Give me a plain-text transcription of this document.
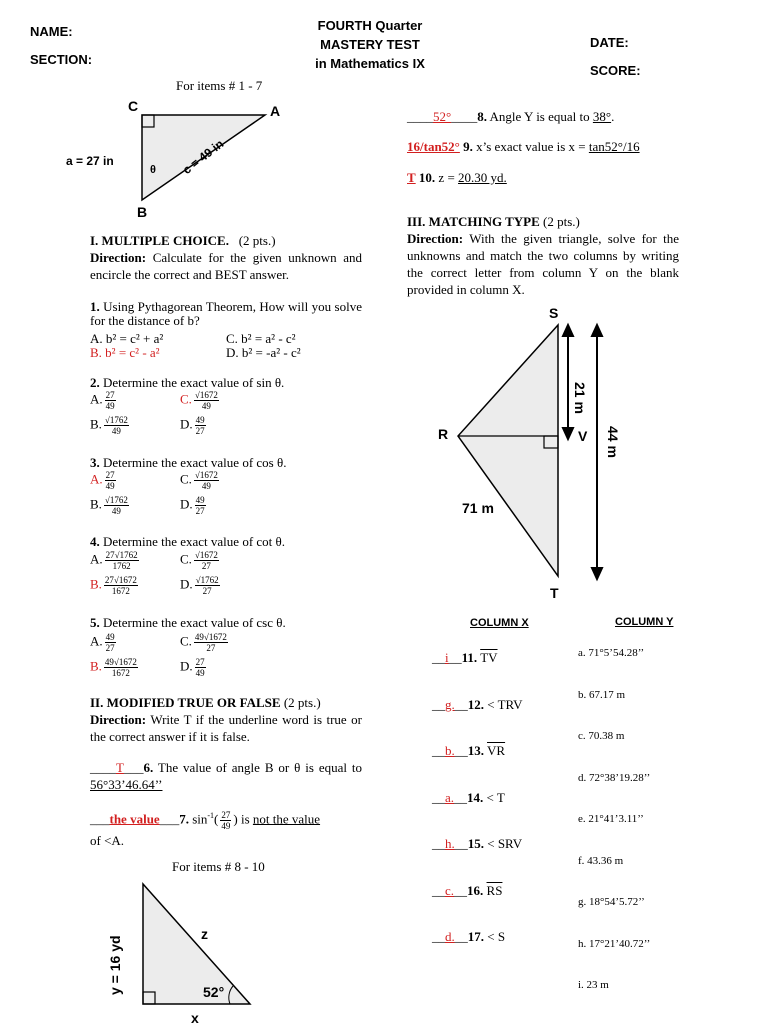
NAME:
SECTION:
FOURTH Quarter
MASTERY TEST
in Mathematics IX
DATE:
SCORE:
For items # 1 - 7
C	A
B
a = 27 in
θ c = 49 in
I. MULTIPLE CHOICE. (2 pts.)
Direction: Calculate for the given unknown and encircle the correct and BEST answer.
1. Using Pythagorean Theorem, How will you solve for the distance of b?
A. b² = c² + a²
B. b² = c² - a²
C. b² = a² - c²
D. b² = -a² - c²
2. Determine the exact value of sin θ.
A. $\frac{27}{49}$
B. $\frac{√1762}{49}$
C. $\frac{√1672}{49}$
D. $\frac{49}{27}$
3. Determine the exact value of cos θ.
A. $\frac{27}{49}$
B. $\frac{√1762}{49}$
C. $\frac{√1672}{49}$
D. $\frac{49}{27}$
4. Determine the exact value of cot θ.
A. $\frac{27√1762}{1762}$
B. $\frac{27√1672}{1672}$
C. $\frac{√1672}{27}$
D. $\frac{√1762}{27}$
5. Determine the exact value of csc θ.
A. $\frac{49}{27}$
B. $\frac{49√1672}{1672}$
C. $\frac{49√1672}{27}$
D. $\frac{27}{49}$
II. MODIFIED TRUE OR FALSE (2 pts.)
Direction: Write T if the underline word is true or the correct answer if it is false.
____T___6. The value of angle B or θ is equal to 56°33’46.64’’
___the value___7. $\sin^{-1}( \frac{27}{49}$ ) is not the value
of <A.
For items # 8 - 10
y = 16 yd
z
x
52°
____52°____8. Angle Y is equal to 38°.
16/tan52° 9. x’s exact value is x = tan52°/16
T 10. z = 20.30 yd.
III. MATCHING TYPE (2 pts.)
Direction: With the given triangle, solve for the unknowns and match the two columns by writing the correct letter from column Y on the blank provided in column X.
S
R	V
T
21 m
44 m
71 m
COLUMN X	COLUMN Y
__i__11. $\overline{TV}$
__g.__12. < TRV
__b.__13. $\overline{VR}$
__a.__14. < T
__h.__15. < SRV
__c.__16. $\overline{RS}$
__d.__17. < S
a. 71°5’54.28’’
b. 67.17 m
c. 70.38 m
d. 72°38’19.28’’
e. 21°41’3.11’’
f. 43.36 m
g. 18°54’5.72’’
h. 17°21’40.72’’
i. 23 m
